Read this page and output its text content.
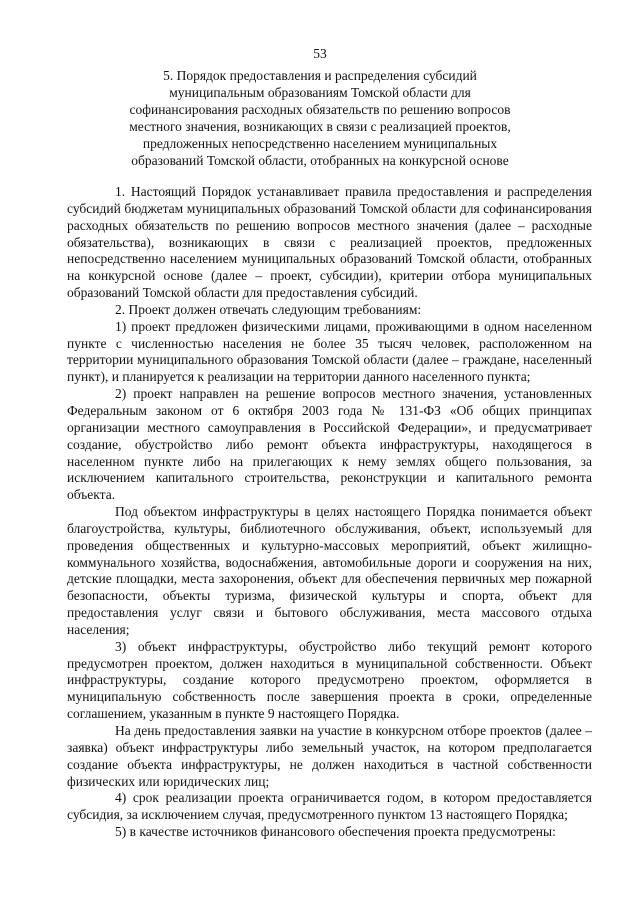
53
5. Порядок предоставления и распределения субсидий
муниципальным образованиям Томской области для
софинансирования расходных обязательств по решению вопросов
местного значения, возникающих в связи с реализацией проектов,
предложенных непосредственно населением муниципальных
образований Томской области, отобранных на конкурсной основе

1. Настоящий Порядок устанавливает правила предоставления и распределения субсидий бюджетам муниципальных образований Томской области для софинансирования расходных обязательств по решению вопросов местного значения (далее – расходные обязательства), возникающих в связи с реализацией проектов, предложенных непосредственно населением муниципальных образований Томской области, отобранных на конкурсной основе (далее – проект, субсидии), критерии отбора муниципальных образований Томской области для предоставления субсидий.

2. Проект должен отвечать следующим требованиям:

1) проект предложен физическими лицами, проживающими в одном населенном пункте с численностью населения не более 35 тысяч человек, расположенном на территории муниципального образования Томской области (далее – граждане, населенный пункт), и планируется к реализации на территории данного населенного пункта;

2) проект направлен на решение вопросов местного значения, установленных Федеральным законом от 6 октября 2003 года № 131-ФЗ «Об общих принципах организации местного самоуправления в Российской Федерации», и предусматривает создание, обустройство либо ремонт объекта инфраструктуры, находящегося в населенном пункте либо на прилегающих к нему землях общего пользования, за исключением капитального строительства, реконструкции и капитального ремонта объекта.

Под объектом инфраструктуры в целях настоящего Порядка понимается объект благоустройства, культуры, библиотечного обслуживания, объект, используемый для проведения общественных и культурно-массовых мероприятий, объект жилищно-коммунального хозяйства, водоснабжения, автомобильные дороги и сооружения на них, детские площадки, места захоронения, объект для обеспечения первичных мер пожарной безопасности, объекты туризма, физической культуры и спорта, объект для предоставления услуг связи и бытового обслуживания, места массового отдыха населения;

3) объект инфраструктуры, обустройство либо текущий ремонт которого предусмотрен проектом, должен находиться в муниципальной собственности. Объект инфраструктуры, создание которого предусмотрено проектом, оформляется в муниципальную собственность после завершения проекта в сроки, определенные соглашением, указанным в пункте 9 настоящего Порядка.

На день предоставления заявки на участие в конкурсном отборе проектов (далее – заявка) объект инфраструктуры либо земельный участок, на котором предполагается создание объекта инфраструктуры, не должен находиться в частной собственности физических или юридических лиц;

4) срок реализации проекта ограничивается годом, в котором предоставляется субсидия, за исключением случая, предусмотренного пунктом 13 настоящего Порядка;

5) в качестве источников финансового обеспечения проекта предусмотрены:
